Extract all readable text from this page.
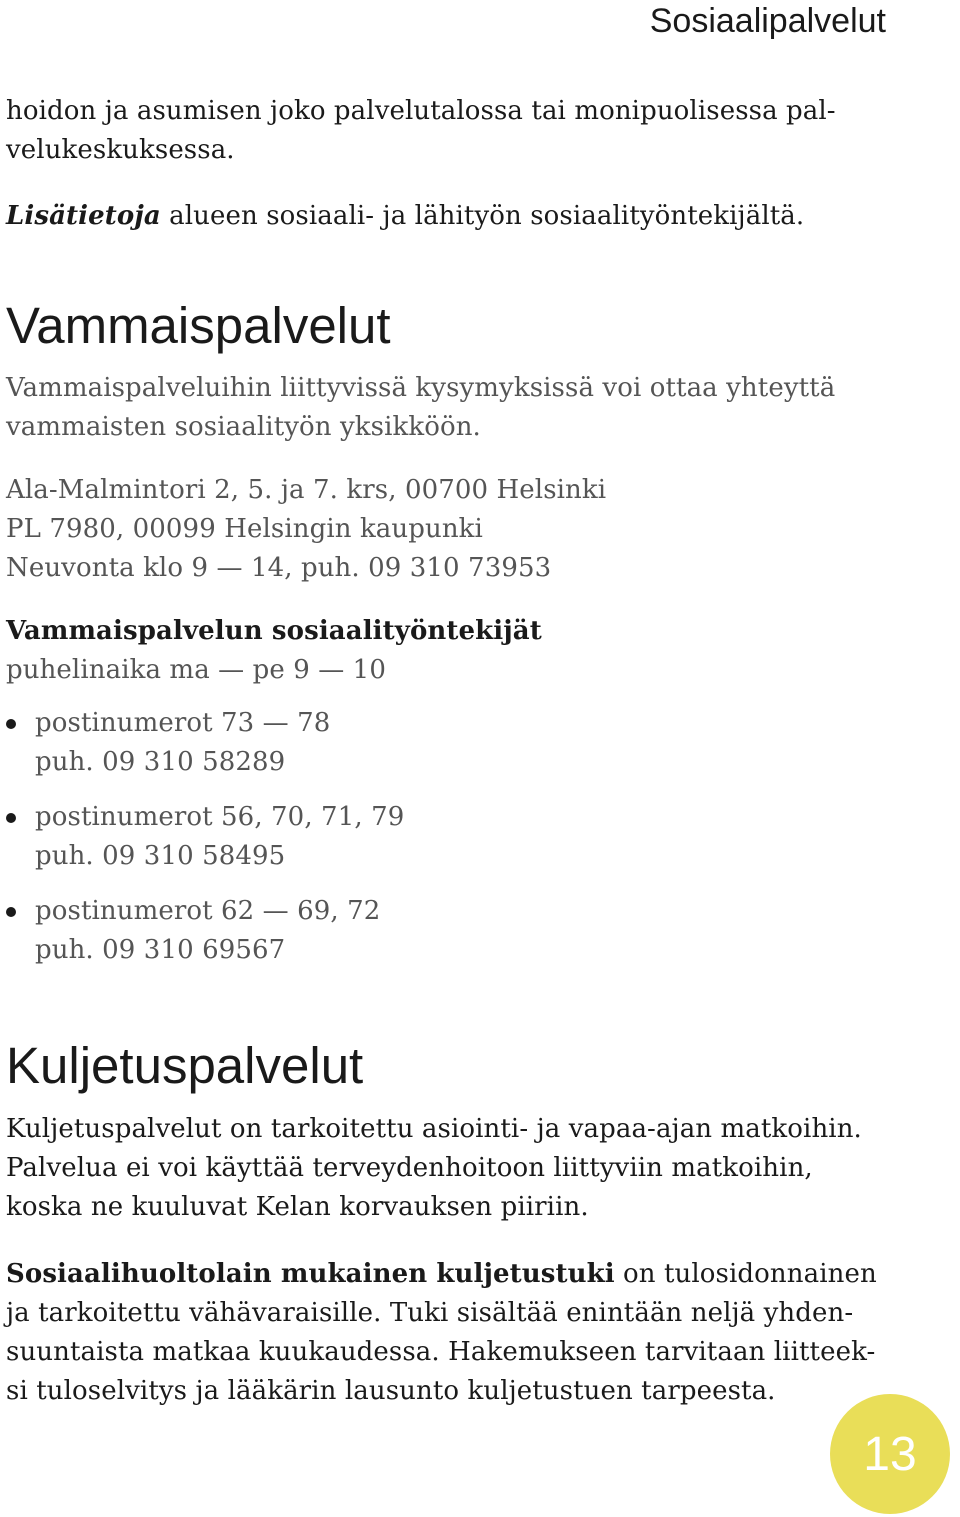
Sosiaalipalvelut

hoidon ja asumisen joko palvelutalossa tai monipuolisessa pal-

velukeskuksessa.

Lisätietoja alueen sosiaali- ja lähityön sosiaalityöntekijältä.

Vammaispalvelut

Vammaispalveluihin liittyvissä kysymyksissä voi ottaa yhteyttä

vammaisten sosiaalityön yksikköön.

Ala-Malmintori 2, 5. ja 7. krs, 00700 Helsinki

PL 7980, 00099 Helsingin kaupunki

Neuvonta klo 9 — 14, puh. 09 310 73953

Vammaispalvelun sosiaalityöntekijät

puhelinaika ma — pe 9 — 10

postinumerot 73 — 78

puh. 09 310 58289

postinumerot 56, 70, 71, 79

puh. 09 310 58495

postinumerot 62 — 69, 72

puh. 09 310 69567

Kuljetuspalvelut

Kuljetuspalvelut on tarkoitettu asiointi- ja vapaa-ajan matkoihin.

Palvelua ei voi käyttää terveydenhoitoon liittyviin matkoihin,

koska ne kuuluvat Kelan korvauksen piiriin.

Sosiaalihuoltolain mukainen kuljetustuki on tulosidonnainen

ja tarkoitettu vähävaraisille. Tuki sisältää enintään neljä yhden-

suuntaista matkaa kuukaudessa. Hakemukseen tarvitaan liitteek-

si tuloselvitys ja lääkärin lausunto kuljetustuen tarpeesta.

13
